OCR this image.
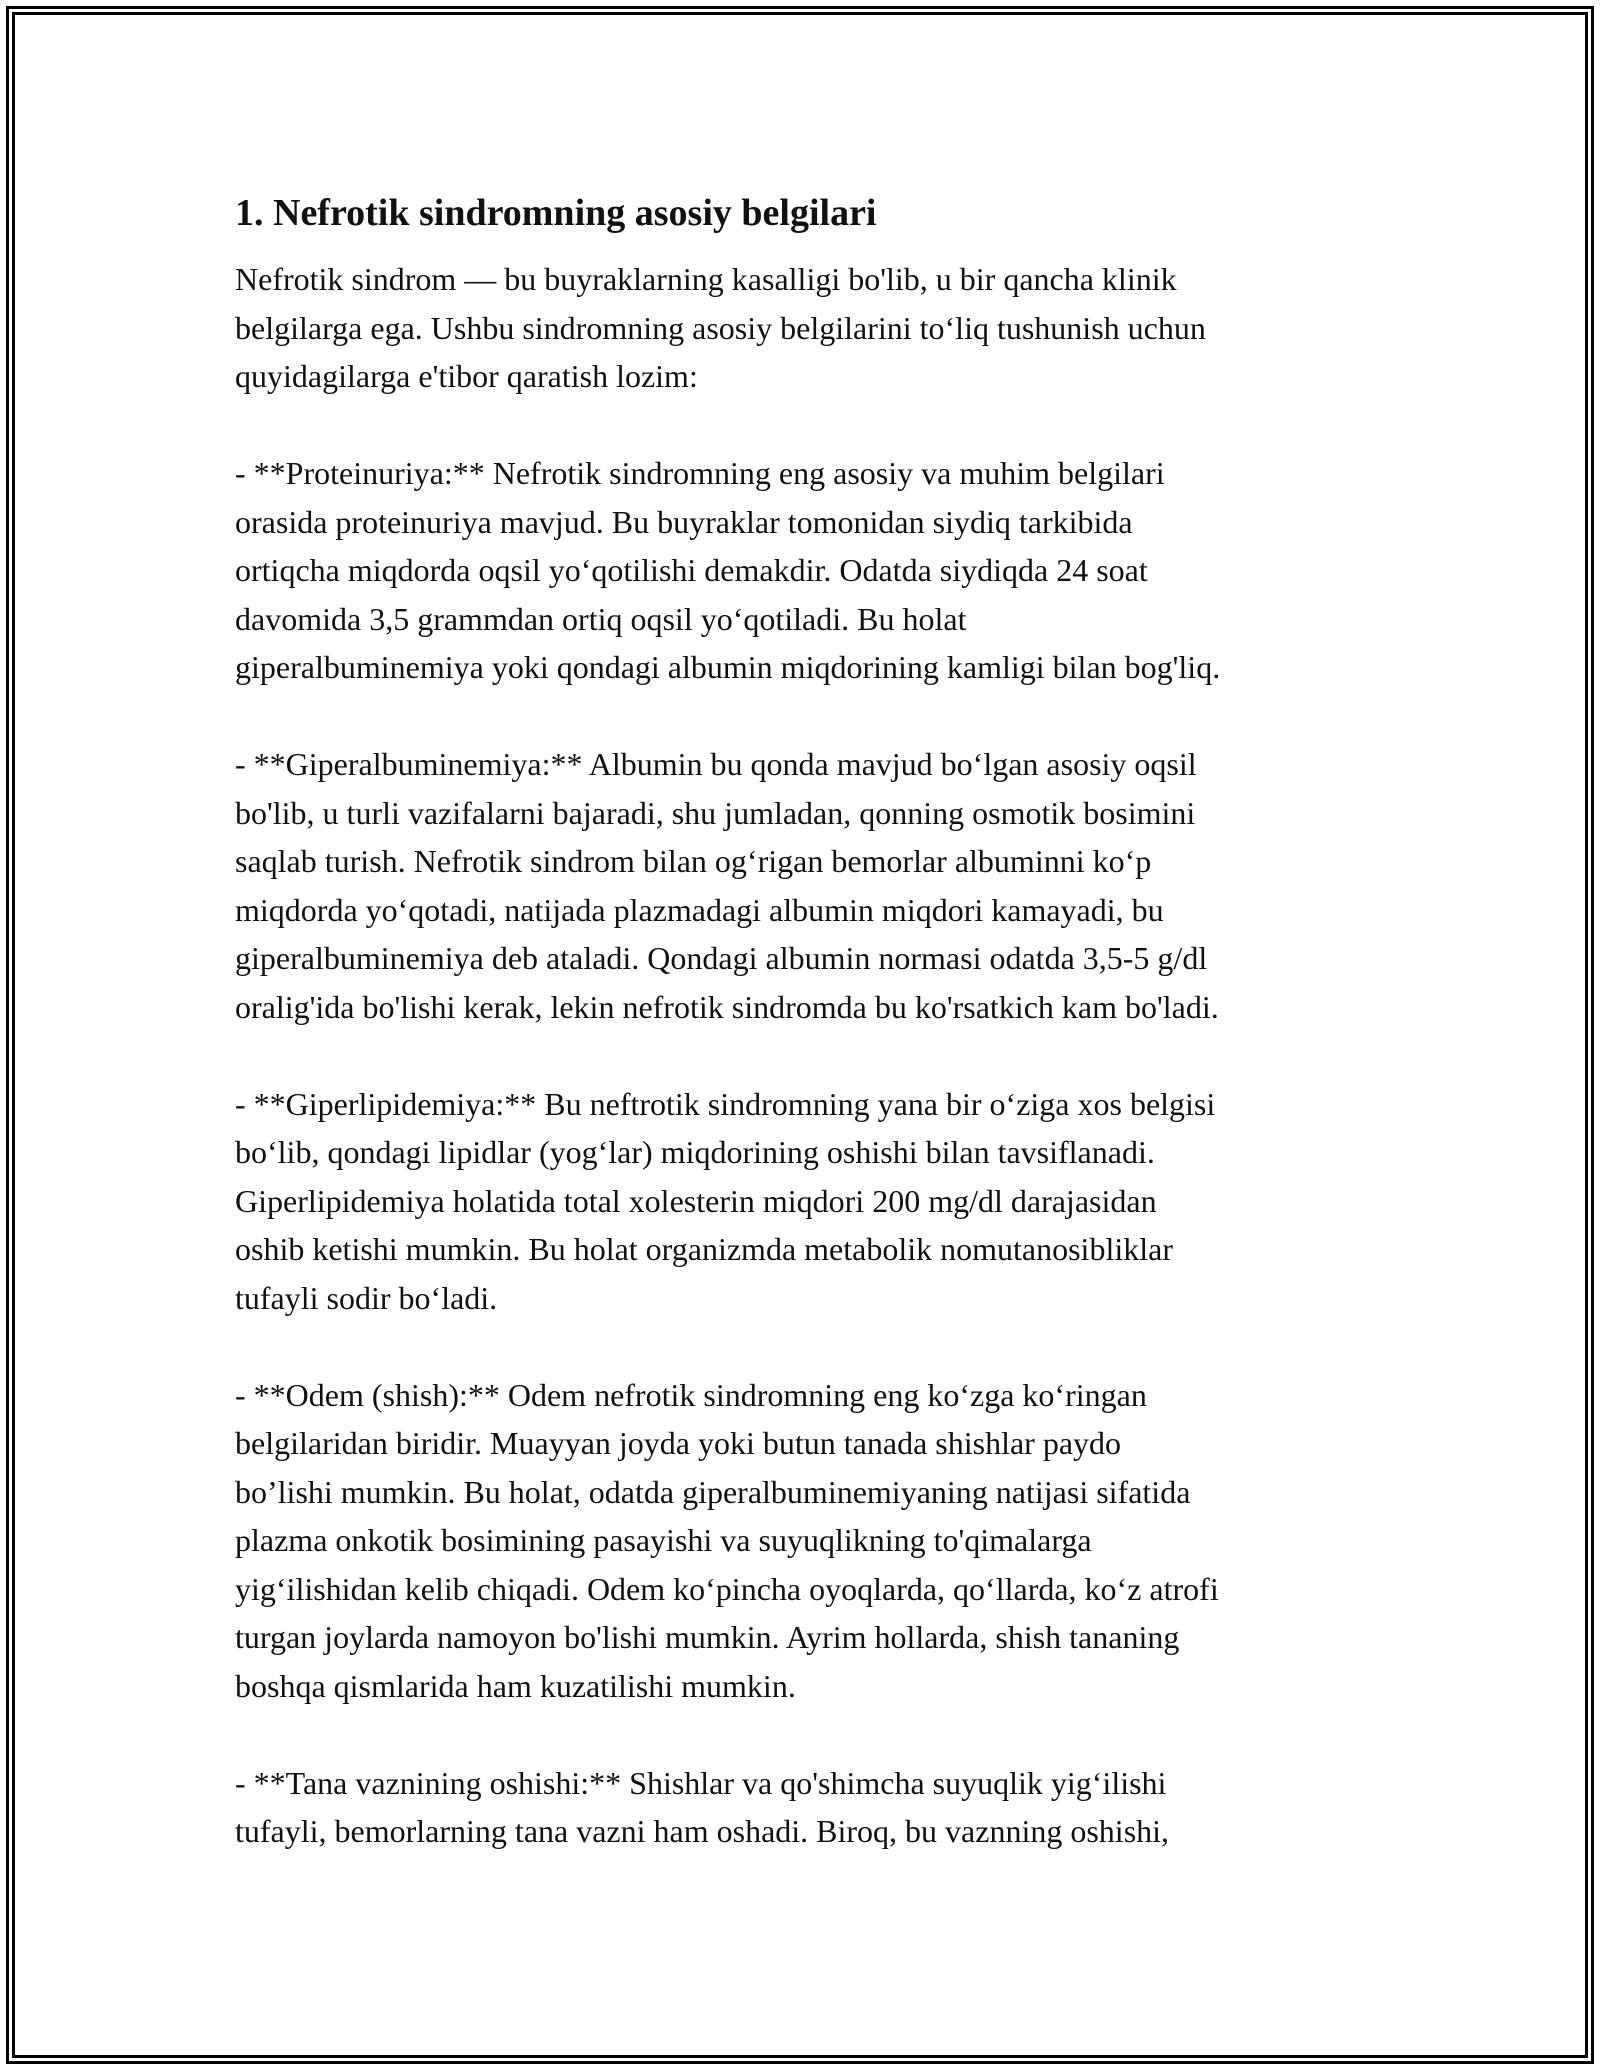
1. Nefrotik sindromning asosiy belgilari
Nefrotik sindrom — bu buyraklarning kasalligi bo'lib, u bir qancha klinik
belgilarga ega. Ushbu sindromning asosiy belgilarini to‘liq tushunish uchun
quyidagilarga e'tibor qaratish lozim:
- **Proteinuriya:** Nefrotik sindromning eng asosiy va muhim belgilari
orasida proteinuriya mavjud. Bu buyraklar tomonidan siydiq tarkibida
ortiqcha miqdorda oqsil yo‘qotilishi demakdir. Odatda siydiqda 24 soat
davomida 3,5 grammdan ortiq oqsil yo‘qotiladi. Bu holat
giperalbuminemiya yoki qondagi albumin miqdorining kamligi bilan bog'liq.
- **Giperalbuminemiya:** Albumin bu qonda mavjud bo‘lgan asosiy oqsil
bo'lib, u turli vazifalarni bajaradi, shu jumladan, qonning osmotik bosimini
saqlab turish. Nefrotik sindrom bilan og‘rigan bemorlar albuminni ko‘p
miqdorda yo‘qotadi, natijada plazmadagi albumin miqdori kamayadi, bu
giperalbuminemiya deb ataladi. Qondagi albumin normasi odatda 3,5-5 g/dl
oralig'ida bo'lishi kerak, lekin nefrotik sindromda bu ko'rsatkich kam bo'ladi.
- **Giperlipidemiya:** Bu neftrotik sindromning yana bir o‘ziga xos belgisi
bo‘lib, qondagi lipidlar (yog‘lar) miqdorining oshishi bilan tavsiflanadi.
Giperlipidemiya holatida total xolesterin miqdori 200 mg/dl darajasidan
oshib ketishi mumkin. Bu holat organizmda metabolik nomutanosibliklar
tufayli sodir bo‘ladi.
- **Odem (shish):** Odem nefrotik sindromning eng ko‘zga ko‘ringan
belgilaridan biridir. Muayyan joyda yoki butun tanada shishlar paydo
bo’lishi mumkin. Bu holat, odatda giperalbuminemiyaning natijasi sifatida
plazma onkotik bosimining pasayishi va suyuqlikning to'qimalarga
yig‘ilishidan kelib chiqadi. Odem ko‘pincha oyoqlarda, qo‘llarda, ko‘z atrofi
turgan joylarda namoyon bo'lishi mumkin. Ayrim hollarda, shish tananing
boshqa qismlarida ham kuzatilishi mumkin.
- **Tana vaznining oshishi:** Shishlar va qo'shimcha suyuqlik yig‘ilishi
tufayli, bemorlarning tana vazni ham oshadi. Biroq, bu vaznning oshishi,
